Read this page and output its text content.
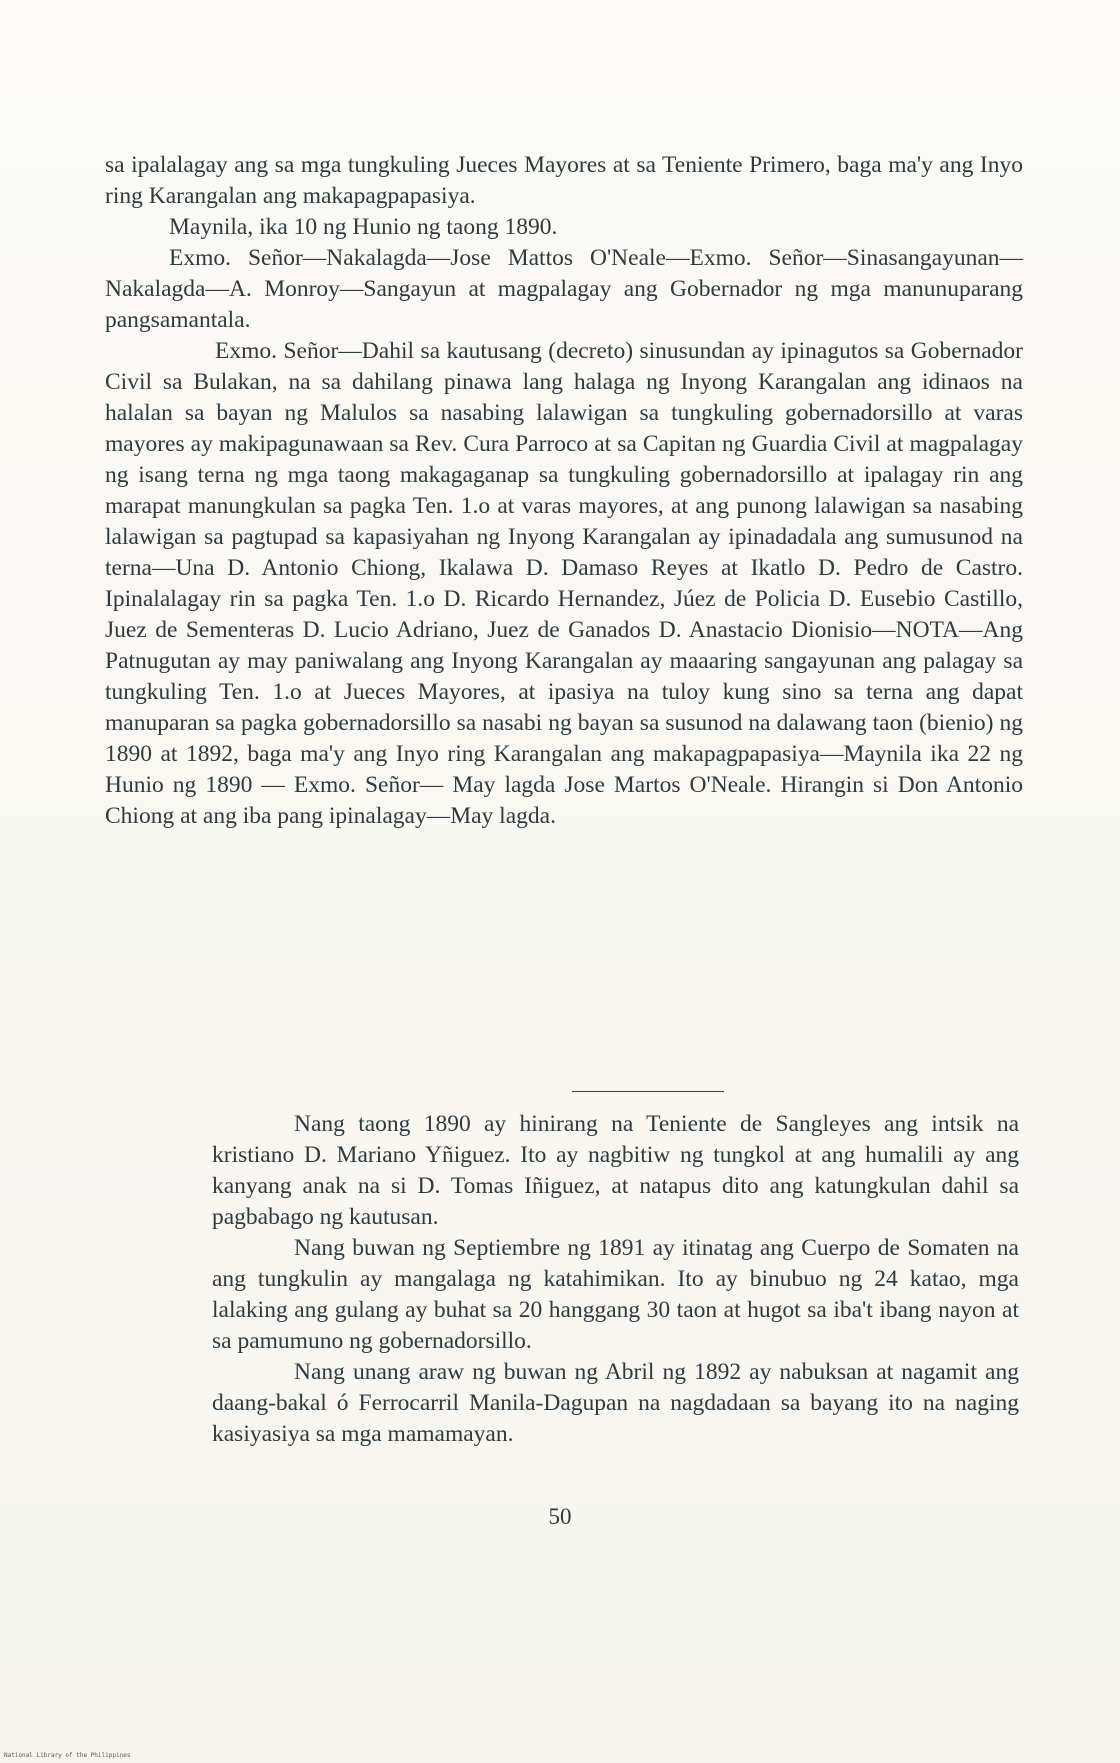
sa ipalalagay ang sa mga tungkuling Jueces Mayores at sa Teniente Primero, baga ma'y ang Inyo ring Karangalan ang makapagpapasiya.

Maynila, ika 10 ng Hunio ng taong 1890.

Exmo. Señor—Nakalagda—Jose Mattos O'Neale—Exmo. Señor—Sinasangayunan—Nakalagda—A. Monroy—Sangayun at magpalagay ang Gobernador ng mga manunuparang pangsamantala.

Exmo. Señor—Dahil sa kautusang (decreto) sinusundan ay ipinagutos sa Gobernador Civil sa Bulakan, na sa dahilang pinawa lang halaga ng Inyong Karangalan ang idinaos na halalan sa bayan ng Malulos sa nasabing lalawigan sa tungkuling gobernadorsillo at varas mayores ay makipagunawaan sa Rev. Cura Parroco at sa Capitan ng Guardia Civil at magpalagay ng isang terna ng mga taong makagaganap sa tungkuling gobernadorsillo at ipalagay rin ang marapat manungkulan sa pagka Ten. 1.o at varas mayores, at ang punong lalawigan sa nasabing lalawigan sa pagtupad sa kapasiyahan ng Inyong Karangalan ay ipinadadala ang sumusunod na terna—Una D. Antonio Chiong, Ikalawa D. Damaso Reyes at Ikatlo D. Pedro de Castro. Ipinalalagay rin sa pagka Ten. 1.o D. Ricardo Hernandez, Júez de Policia D. Eusebio Castillo, Juez de Sementeras D. Lucio Adriano, Juez de Ganados D. Anastacio Dionisio—NOTA—Ang Patnugutan ay may paniwalang ang Inyong Karangalan ay maaaring sangayunan ang palagay sa tungkuling Ten. 1.o at Jueces Mayores, at ipasiya na tuloy kung sino sa terna ang dapat manuparan sa pagka gobernadorsillo sa nasabi ng bayan sa susunod na dalawang taon (bienio) ng 1890 at 1892, baga ma'y ang Inyo ring Karangalan ang makapagpapasiya—Maynila ika 22 ng Hunio ng 1890 — Exmo. Señor— May lagda Jose Martos O'Neale. Hirangin si Don Antonio Chiong at ang iba pang ipinalagay—May lagda.

Nang taong 1890 ay hinirang na Teniente de Sangleyes ang intsik na kristiano D. Mariano Yñiguez. Ito ay nagbitiw ng tungkol at ang humalili ay ang kanyang anak na si D. Tomas Iñiguez, at natapus dito ang katungkulan dahil sa pagbabago ng kautusan.

Nang buwan ng Septiembre ng 1891 ay itinatag ang Cuerpo de Somaten na ang tungkulin ay mangalaga ng katahimikan. Ito ay binubuo ng 24 katao, mga lalaking ang gulang ay buhat sa 20 hanggang 30 taon at hugot sa iba't ibang nayon at sa pamumuno ng gobernadorsillo.

Nang unang araw ng buwan ng Abril ng 1892 ay nabuksan at nagamit ang daang-bakal ó Ferrocarril Manila-Dagupan na nagdadaan sa bayang ito na naging kasiyasiya sa mga mamamayan.

50
National Library of the Philippines
